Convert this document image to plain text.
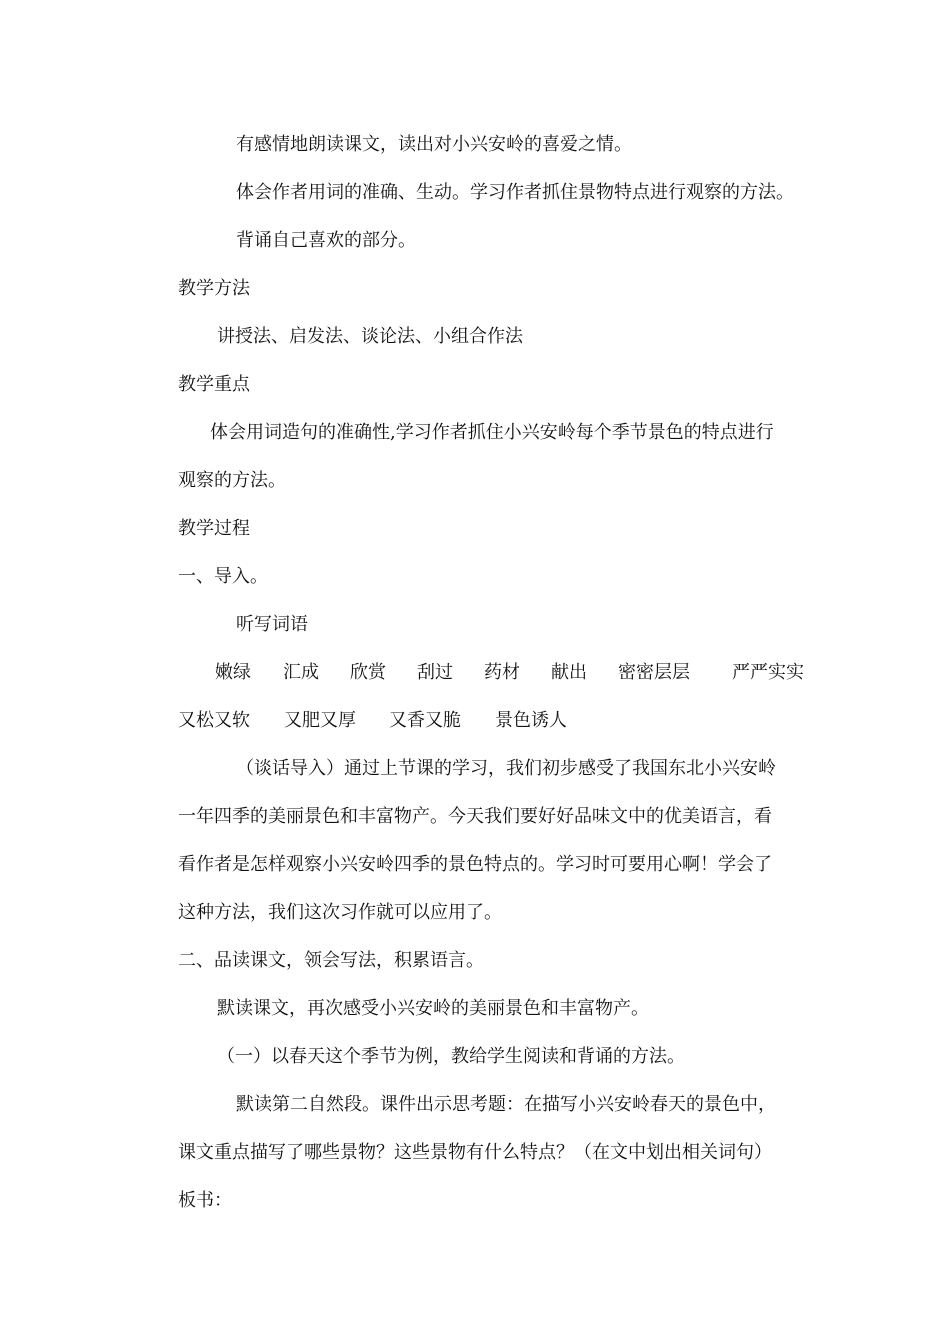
有感情地朗读课文，读出对小兴安岭的喜爱之情。
体会作者用词的准确、生动。学习作者抓住景物特点进行观察的方法。
背诵自己喜欢的部分。
教学方法
讲授法、启发法、谈论法、小组合作法
教学重点
体会用词造句的准确性,学习作者抓住小兴安岭每个季节景色的特点进行
观察的方法。
教学过程
一、导入。
听写词语
嫩绿 汇成 欣赏 刮过 药材 献出 密密层层 严严实实
又松又软 又肥又厚 又香又脆 景色诱人
（谈话导入）通过上节课的学习，我们初步感受了我国东北小兴安岭
一年四季的美丽景色和丰富物产。今天我们要好好品味文中的优美语言，看
看作者是怎样观察小兴安岭四季的景色特点的。学习时可要用心啊！学会了
这种方法，我们这次习作就可以应用了。
二、品读课文，领会写法，积累语言。
默读课文，再次感受小兴安岭的美丽景色和丰富物产。
（一）以春天这个季节为例，教给学生阅读和背诵的方法。
默读第二自然段。课件出示思考题：在描写小兴安岭春天的景色中，
课文重点描写了哪些景物？这些景物有什么特点？（在文中划出相关词句）
板书：
